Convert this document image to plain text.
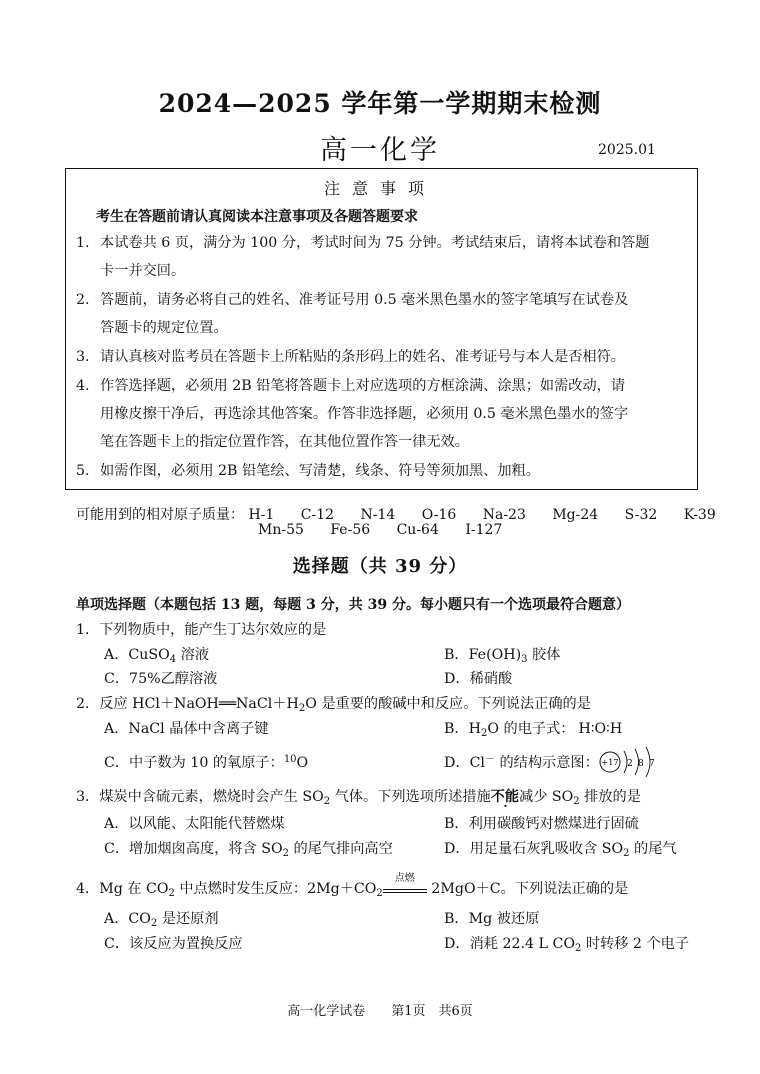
2024—2025 学年第一学期期末检测
高一化学	2025.01
注意事项
考生在答题前请认真阅读本注意事项及各题答题要求
1. 本试卷共 6 页，满分为 100 分，考试时间为 75 分钟。考试结束后，请将本试卷和答题
卡一并交回。
2. 答题前，请务必将自己的姓名、准考证号用 0.5 毫米黑色墨水的签字笔填写在试卷及
答题卡的规定位置。
3. 请认真核对监考员在答题卡上所粘贴的条形码上的姓名、准考证号与本人是否相符。
4. 作答选择题，必须用 2B 铅笔将答题卡上对应选项的方框涂满、涂黑；如需改动，请
用橡皮擦干净后，再选涂其他答案。作答非选择题，必须用 0.5 毫米黑色墨水的签字
笔在答题卡上的指定位置作答，在其他位置作答一律无效。
5. 如需作图，必须用 2B 铅笔绘、写清楚，线条、符号等须加黑、加粗。
可能用到的相对原子质量： H-1 C-12 N-14 O-16 Na-23 Mg-24 S-32 K-39
Mn-55 Fe-56 Cu-64 I-127
选择题（共 39 分）
单项选择题（本题包括 13 题，每题 3 分，共 39 分。每小题只有一个选项最符合题意）
1．下列物质中，能产生丁达尔效应的是
A．CuSO$_4$ 溶液	B．$Fe(OH)_3$ 胶体
C．75%乙醇溶液	D．稀硝酸
2．反应 $HCl+NaOH══NaCl+H_2O$ 是重要的酸碱中和反应。下列说法正确的是
A．NaCl 晶体中含离子键	B．$H_2O$ 的电子式： H∶O∶H
C．中子数为 10 的氧原子：$^{10}$O	D．Cl－ 的结构示意图： +17 2 8 7
3．煤炭中含硫元素，燃烧时会产生 $SO_2$ 气体。下列选项所述措施不能减少 $SO_2$ 排放的是
A．以风能、太阳能代替燃煤	B．利用碳酸钙对燃煤进行固硫
C．增加烟囱高度，将含 $SO_2$ 的尾气排向高空	D．用足量石灰乳吸收含 $SO_2$ 的尾气
4．Mg 在 $CO_2$ 中点燃时发生反应：$2Mg+CO_2$
点燃
2MgO＋C。下列说法正确的是
A．$CO_2$ 是还原剂	B．Mg 被还原
C．该反应为置换反应	D．消耗 22.4 L $CO_2$ 时转移 2 个电子
高一化学试卷　　第1页　共6页
